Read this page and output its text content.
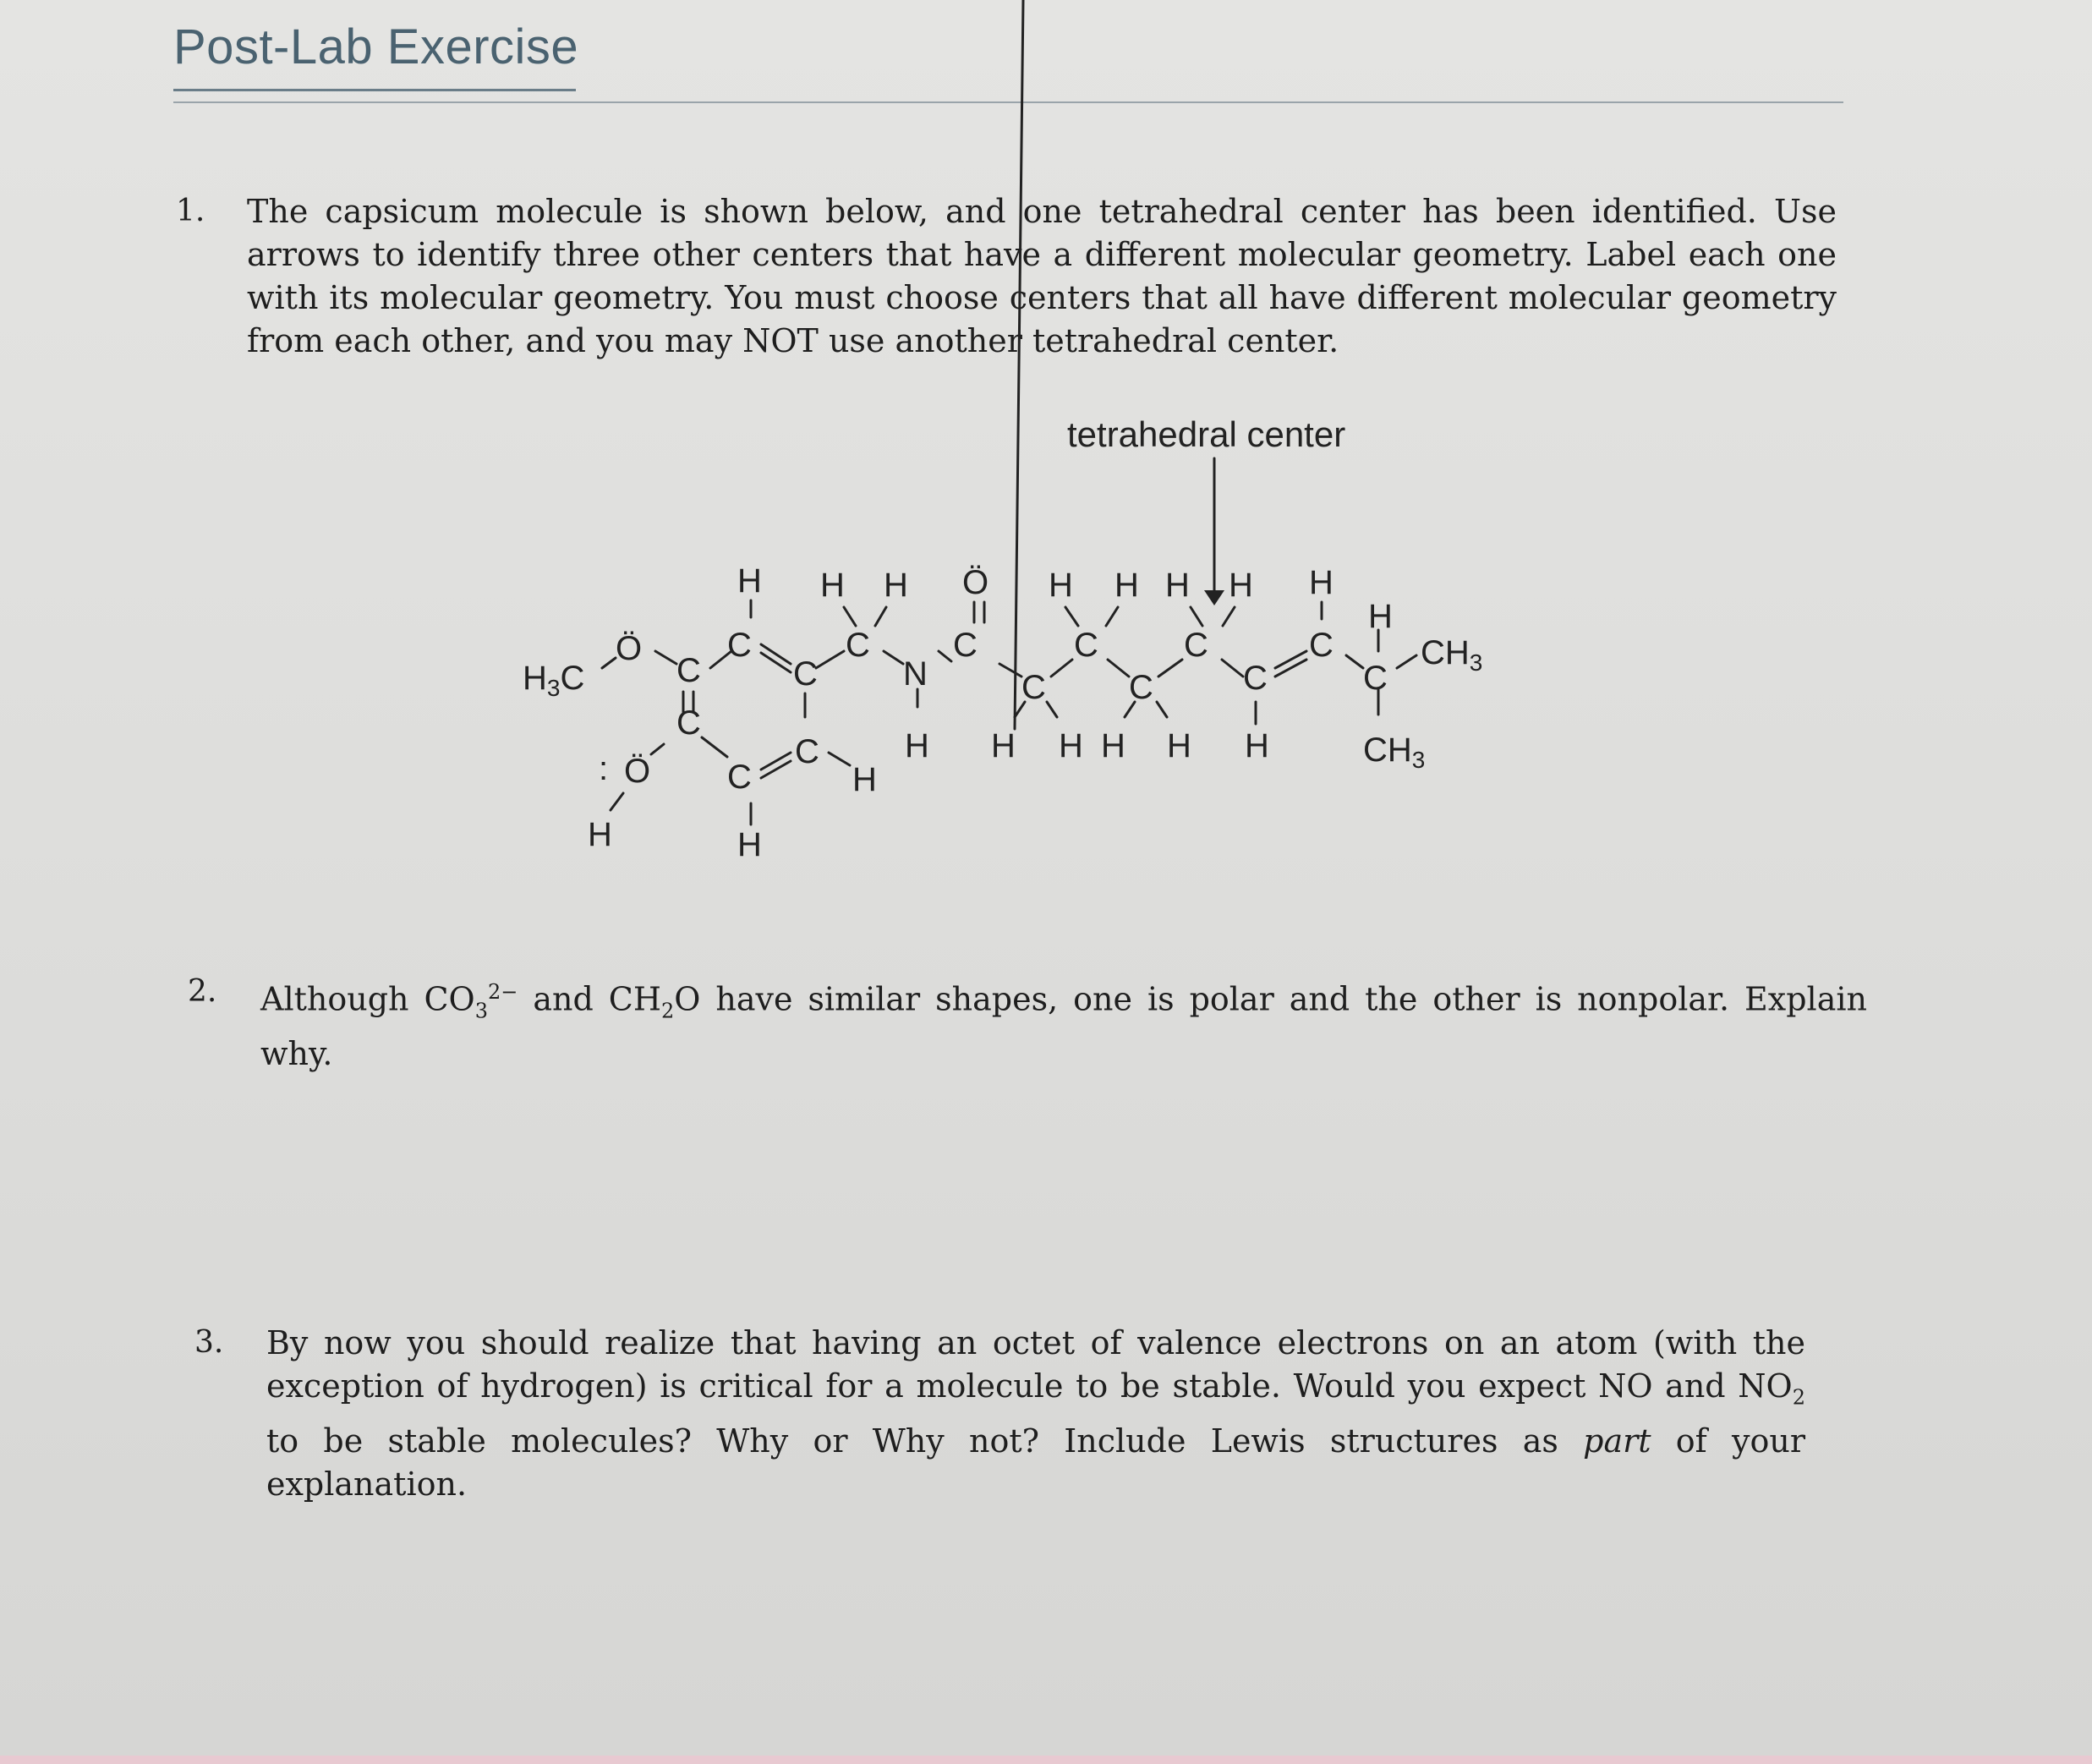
Post-Lab Exercise
1. The capsicum molecule is shown below, and one tetrahedral center has been identified. Use arrows to identify three other centers that have a different molecular geometry. Label each one with its molecular geometry. You must choose centers that all have different molecular geometry from each other, and you may NOT use another tetrahedral center.
tetrahedral center
$H_3C$
Ö
C
C
C
C
N
C
C
C
C
C
C
C
C
$CH_3$
$CH_3$
H H H Ö H H H H H
H
C
Ö C
C
H
H	H
H H H H H H
:
2. Although $CO_3^{2-}$ and $CH_2O$ have similar shapes, one is polar and the other is nonpolar. Explain why.
3. By now you should realize that having an octet of valence electrons on an atom (with the exception of hydrogen) is critical for a molecule to be stable. Would you expect NO and $NO_2$ to be stable molecules? Why or Why not? Include Lewis structures as part of your explanation.
